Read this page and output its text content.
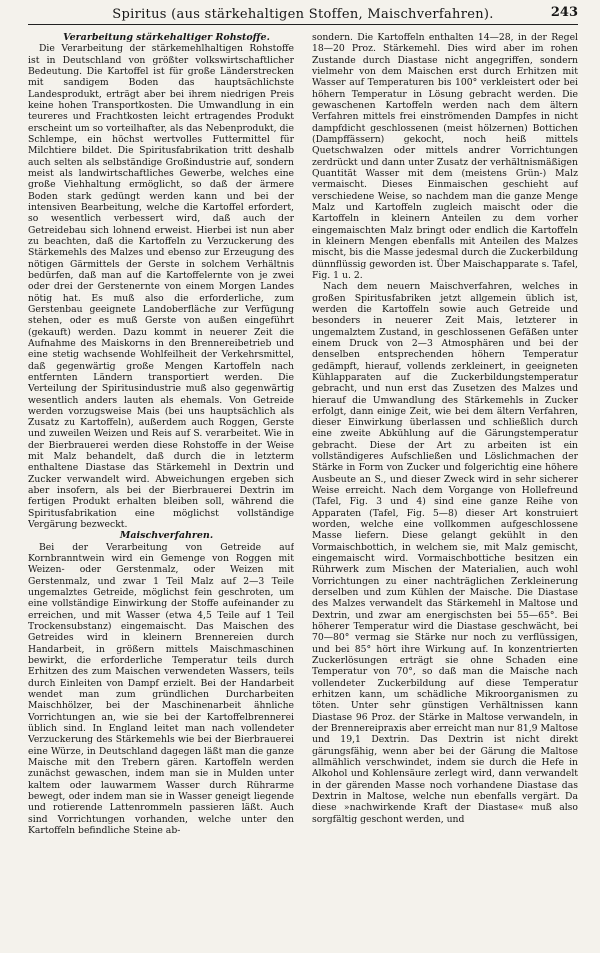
Spiritus (aus stärkehaltigen Stoffen, Maischverfahren).	243

Verarbeitung stärkehaltiger Rohstoffe.

Die Verarbeitung der stärkemehlhaltigen Rohstoffe ist in Deutschland von größter volkswirtschaftlicher Bedeutung. Die Kartoffel ist für große Länderstrecken mit sandigem Boden das hauptsächlichste Landesprodukt, erträgt aber bei ihrem niedrigen Preis keine hohen Transportkosten. Die Umwandlung in ein teureres und Frachtkosten leicht ertragendes Produkt erscheint um so vorteilhafter, als das Nebenprodukt, die Schlempe, ein höchst wertvolles Futtermittel für Milchtiere bildet. Die Spiritusfabrikation tritt deshalb auch selten als selbständige Großindustrie auf, sondern meist als landwirtschaftliches Gewerbe, welches eine große Viehhaltung ermöglicht, so daß der ärmere Boden stark gedüngt werden kann und bei der intensiven Bearbeitung, welche die Kartoffel erfordert, so wesentlich verbessert wird, daß auch der Getreidebau sich lohnend erweist. Hierbei ist nun aber zu beachten, daß die Kartoffeln zu Verzuckerung des Stärkemehls des Malzes und ebenso zur Erzeugung des nötigen Gärmittels der Gerste in solchem Verhältnis bedürfen, daß man auf die Kartoffelernte von je zwei oder drei der Gerstenernte von einem Morgen Landes nötig hat. Es muß also die erforderliche, zum Gerstenbau geeignete Landoberfläche zur Verfügung stehen, oder es muß Gerste von außen eingeführt (gekauft) werden. Dazu kommt in neuerer Zeit die Aufnahme des Maiskorns in den Brennereibetrieb und eine stetig wachsende Wohlfeilheit der Verkehrsmittel, daß gegenwärtig große Mengen Kartoffeln nach entfernten Ländern transportiert werden. Die Verteilung der Spiritusindustrie muß also gegenwärtig wesentlich anders lauten als ehemals. Von Getreide werden vorzugsweise Mais (bei uns hauptsächlich als Zusatz zu Kartoffeln), außerdem auch Roggen, Gerste und zuweilen Weizen und Reis auf S. verarbeitet. Wie in der Bierbrauerei werden diese Rohstoffe in der Weise mit Malz behandelt, daß durch die in letzterm enthaltene Diastase das Stärkemehl in Dextrin und Zucker verwandelt wird. Abweichungen ergeben sich aber insofern, als bei der Bierbrauerei Dextrin im fertigen Produkt erhalten bleiben soll, während die Spiritusfabrikation eine möglichst vollständige Vergärung bezweckt.

Maischverfahren.

Bei der Verarbeitung von Getreide auf Kornbranntwein wird ein Gemenge von Roggen mit Weizen- oder Gerstenmalz, oder Weizen mit Gerstenmalz, und zwar 1 Teil Malz auf 2—3 Teile ungemalztes Getreide, möglichst fein geschroten, um eine vollständige Einwirkung der Stoffe aufeinander zu erreichen, und mit Wasser (etwa 4,5 Teile auf 1 Teil Trockensubstanz) eingemaischt. Das Maischen des Getreides wird in kleinern Brennereien durch Handarbeit, in größern mittels Maischmaschinen bewirkt, die erforderliche Temperatur teils durch Erhitzen des zum Maischen verwendeten Wassers, teils durch Einleiten von Dampf erzielt. Bei der Handarbeit wendet man zum gründlichen Durcharbeiten Maischhölzer, bei der Maschinenarbeit ähnliche Vorrichtungen an, wie sie bei der Kartoffelbrennerei üblich sind. In England leitet man nach vollendeter Verzuckerung des Stärkemehls wie bei der Bierbrauerei eine Würze, in Deutschland dagegen läßt man die ganze Maische mit den Trebern gären. Kartoffeln werden zunächst gewaschen, indem man sie in Mulden unter kaltem oder lauwarmem Wasser durch Rührarme bewegt, oder indem man sie in Wasser geneigt liegende und rotierende Lattenrommeln passieren läßt. Auch sind Vorrichtungen vorhanden, welche unter den Kartoffeln befindliche Steine ab-

sondern. Die Kartoffeln enthalten 14—28, in der Regel 18—20 Proz. Stärkemehl. Dies wird aber im rohen Zustande durch Diastase nicht angegriffen, sondern vielmehr von dem Maischen erst durch Erhitzen mit Wasser auf Temperaturen bis 100° verkleistert oder bei höhern Temperatur in Lösung gebracht werden. Die gewaschenen Kartoffeln werden nach dem ältern Verfahren mittels frei einströmenden Dampfes in nicht dampfdicht geschlossenen (meist hölzernen) Bottichen (Dampffässern) gekocht, noch heiß mittels Quetschwalzen oder mittels andrer Vorrichtungen zerdrückt und dann unter Zusatz der verhältnismäßigen Quantität Wasser mit dem (meistens Grün-) Malz vermaischt. Dieses Einmaischen geschieht auf verschiedene Weise, so nachdem man die ganze Menge Malz und Kartoffeln zugleich maischt oder die Kartoffeln in kleinern Anteilen zu dem vorher eingemaischten Malz bringt oder endlich die Kartoffeln in kleinern Mengen ebenfalls mit Anteilen des Malzes mischt, bis die Masse jedesmal durch die Zuckerbildung dünnflüssig geworden ist. Über Maischapparate s. Tafel, Fig. 1 u. 2.

Nach dem neuern Maischverfahren, welches in großen Spiritusfabriken jetzt allgemein üblich ist, werden die Kartoffeln sowie auch Getreide und besonders in neuerer Zeit Mais, letzterer in ungemalztem Zustand, in geschlossenen Gefäßen unter einem Druck von 2—3 Atmosphären und bei der denselben entsprechenden höhern Temperatur gedämpft, hierauf, vollends zerkleinert, in geeigneten Kühlapparaten auf die Zuckerbildungstemperatur gebracht, und nun erst das Zusetzen des Malzes und hierauf die Umwandlung des Stärkemehls in Zucker erfolgt, dann einige Zeit, wie bei dem ältern Verfahren, dieser Einwirkung überlassen und schließlich durch eine zweite Abkühlung auf die Gärungstemperatur gebracht. Diese der Art zu arbeiten ist ein vollständigeres Aufschließen und Löslichmachen der Stärke in Form von Zucker und folgerichtig eine höhere Ausbeute an S., und dieser Zweck wird in sehr sicherer Weise erreicht. Nach dem Vorgange von Hollefreund (Tafel, Fig. 3 und 4) sind eine ganze Reihe von Apparaten (Tafel, Fig. 5—8) dieser Art konstruiert worden, welche eine vollkommen aufgeschlossene Masse liefern. Diese gelangt gekühlt in den Vormaischbottich, in welchem sie, mit Malz gemischt, eingemaischt wird. Vormaischbottiche besitzen ein Rührwerk zum Mischen der Materialien, auch wohl Vorrichtungen zu einer nachträglichen Zerkleinerung derselben und zum Kühlen der Maische. Die Diastase des Malzes verwandelt das Stärkemehl in Maltose und Dextrin, und zwar am energischsten bei 55—65°. Bei höherer Temperatur wird die Diastase geschwächt, bei 70—80° vermag sie Stärke nur noch zu verflüssigen, und bei 85° hört ihre Wirkung auf. In konzentrierten Zuckerlösungen erträgt sie ohne Schaden eine Temperatur von 70°, so daß man die Maische nach vollendeter Zuckerbildung auf diese Temperatur erhitzen kann, um schädliche Mikroorganismen zu töten. Unter sehr günstigen Verhältnissen kann Diastase 96 Proz. der Stärke in Maltose verwandeln, in der Brennereipraxis aber erreicht man nur 81,9 Maltose und 19,1 Dextrin. Das Dextrin ist nicht direkt gärungsfähig, wenn aber bei der Gärung die Maltose allmählich verschwindet, indem sie durch die Hefe in Alkohol und Kohlensäure zerlegt wird, dann verwandelt in der gärenden Masse noch vorhandene Diastase das Dextrin in Maltose, welche nun ebenfalls vergärt. Da diese »nachwirkende Kraft der Diastase« muß also sorgfältig geschont werden, und
